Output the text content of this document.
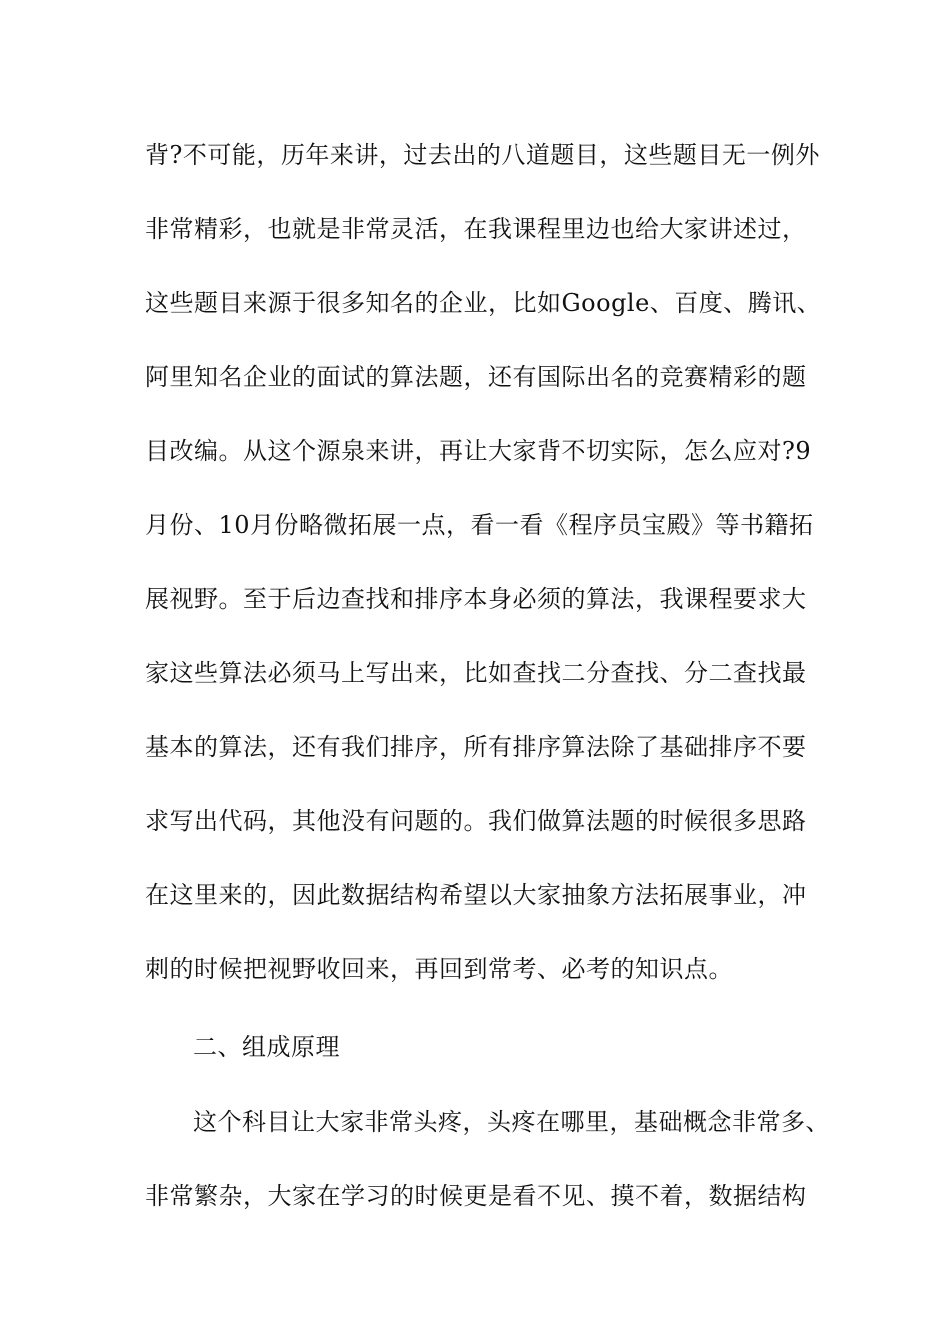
背?不可能，历年来讲，过去出的八道题目，这些题目无一例外
非常精彩，也就是非常灵活，在我课程里边也给大家讲述过，
这些题目来源于很多知名的企业，比如Google、百度、腾讯、
阿里知名企业的面试的算法题，还有国际出名的竞赛精彩的题
目改编。从这个源泉来讲，再让大家背不切实际，怎么应对?9
月份、10月份略微拓展一点，看一看《程序员宝殿》等书籍拓
展视野。至于后边查找和排序本身必须的算法，我课程要求大
家这些算法必须马上写出来，比如查找二分查找、分二查找最
基本的算法，还有我们排序，所有排序算法除了基础排序不要
求写出代码，其他没有问题的。我们做算法题的时候很多思路
在这里来的，因此数据结构希望以大家抽象方法拓展事业，冲
刺的时候把视野收回来，再回到常考、必考的知识点。
二、组成原理
这个科目让大家非常头疼，头疼在哪里，基础概念非常多、
非常繁杂，大家在学习的时候更是看不见、摸不着，数据结构
